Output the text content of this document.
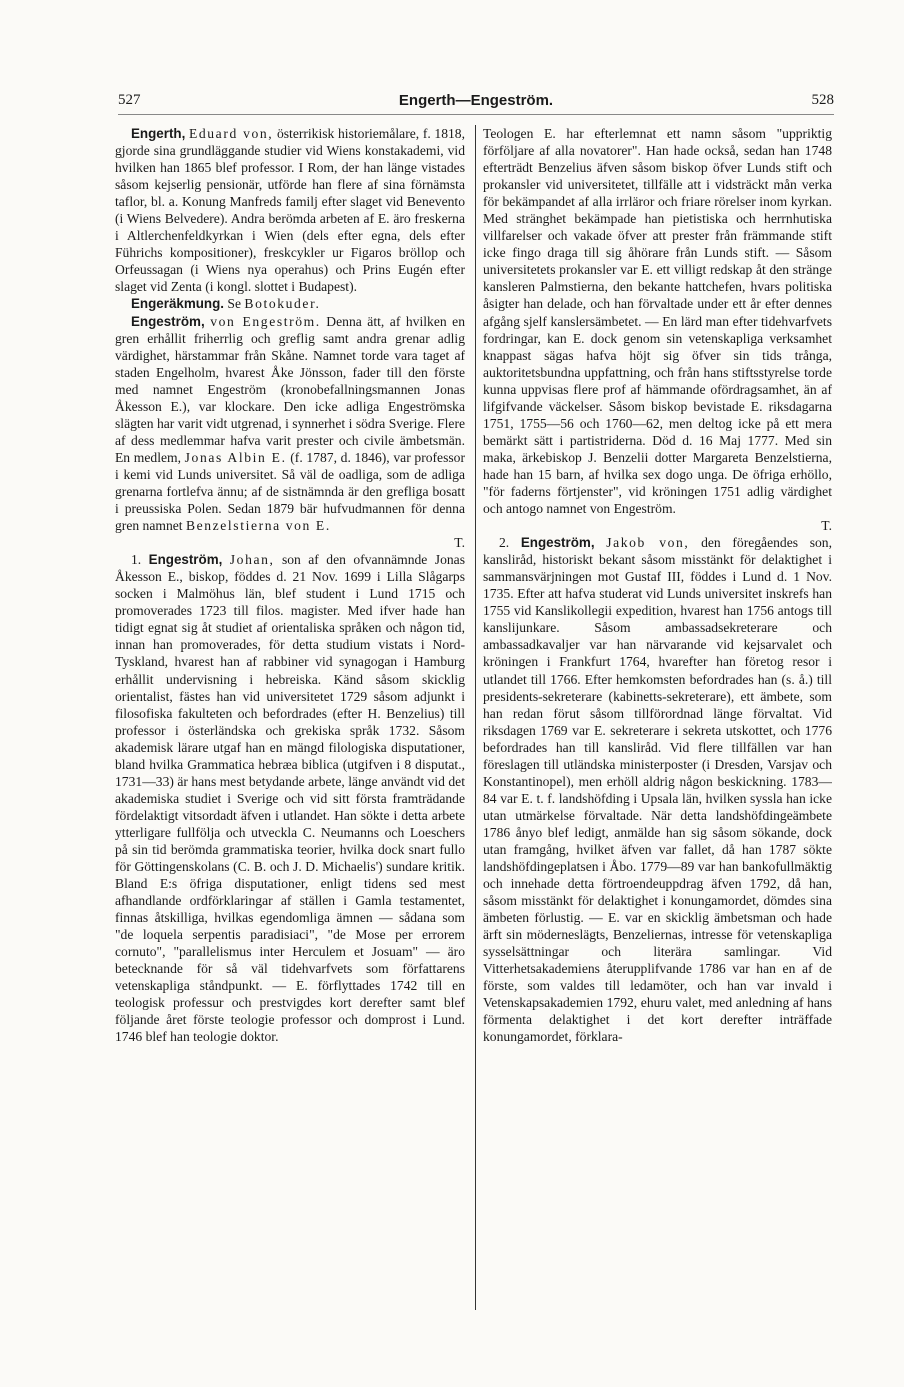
527	Engerth—Engeström.	528

Engerth, Eduard von, österrikisk historiemålare, f. 1818, gjorde sina grundläggande studier vid Wiens konstakademi, vid hvilken han 1865 blef professor. I Rom, der han länge vistades såsom kejserlig pensionär, utförde han flere af sina förnämsta taflor, bl. a. Konung Manfreds familj efter slaget vid Benevento (i Wiens Belvedere). Andra berömda arbeten af E. äro freskerna i Altlerchenfeldkyrkan i Wien (dels efter egna, dels efter Führichs kompositioner), freskcykler ur Figaros bröllop och Orfeussagan (i Wiens nya operahus) och Prins Eugén efter slaget vid Zenta (i kongl. slottet i Budapest).

Engeräkmung. Se Botokuder.

Engeström, von Engeström. Denna ätt, af hvilken en gren erhållit friherrlig och greflig samt andra grenar adlig värdighet, härstammar från Skåne. Namnet torde vara taget af staden Engelholm, hvarest Åke Jönsson, fader till den förste med namnet Engeström (kronobefallningsmannen Jonas Åkesson E.), var klockare. Den icke adliga Engeströmska slägten har varit vidt utgrenad, i synnerhet i södra Sverige. Flere af dess medlemmar hafva varit prester och civile ämbetsmän. En medlem, Jonas Albin E. (f. 1787, d. 1846), var professor i kemi vid Lunds universitet. Så väl de oadliga, som de adliga grenarna fortlefva ännu; af de sistnämnda är den grefliga bosatt i preussiska Polen. Sedan 1879 bär hufvudmannen för denna gren namnet Benzelstierna von E.
T.

1. Engeström, Johan, son af den ofvannämnde Jonas Åkesson E., biskop, föddes d. 21 Nov. 1699 i Lilla Slågarps socken i Malmöhus län, blef student i Lund 1715 och promoverades 1723 till filos. magister. Med ifver hade han tidigt egnat sig åt studiet af orientaliska språken och någon tid, innan han promoverades, för detta studium vistats i Nord-Tyskland, hvarest han af rabbiner vid synagogan i Hamburg erhållit undervisning i hebreiska. Känd såsom skicklig orientalist, fästes han vid universitetet 1729 såsom adjunkt i filosofiska fakulteten och befordrades (efter H. Benzelius) till professor i österländska och grekiska språk 1732. Såsom akademisk lärare utgaf han en mängd filologiska disputationer, bland hvilka Grammatica hebræa biblica (utgifven i 8 disputat., 1731—33) är hans mest betydande arbete, länge användt vid det akademiska studiet i Sverige och vid sitt första framträdande fördelaktigt vitsordadt äfven i utlandet. Han sökte i detta arbete ytterligare fullfölja och utveckla C. Neumanns och Loeschers på sin tid berömda grammatiska teorier, hvilka dock snart fullo för Göttingenskolans (C. B. och J. D. Michaelis') sundare kritik. Bland E:s öfriga disputationer, enligt tidens sed mest afhandlande ordförklaringar af ställen i Gamla testamentet, finnas åtskilliga, hvilkas egendomliga ämnen — sådana som "de loquela serpentis paradisiaci", "de Mose per errorem cornuto", "parallelismus inter Herculem et Josuam" — äro betecknande för så väl tidehvarfvets som författarens vetenskapliga ståndpunkt. — E. förflyttades 1742 till en teologisk professur och prestvigdes kort derefter samt blef följande året förste teologie professor och domprost i Lund. 1746 blef han teologie doktor.

Teologen E. har efterlemnat ett namn såsom "uppriktig förföljare af alla novatorer". Han hade också, sedan han 1748 efterträdt Benzelius äfven såsom biskop öfver Lunds stift och prokansler vid universitetet, tillfälle att i vidsträckt mån verka för bekämpandet af alla irrläror och friare rörelser inom kyrkan. Med stränghet bekämpade han pietistiska och herrnhutiska villfarelser och vakade öfver att prester från främmande stift icke fingo draga till sig åhörare från Lunds stift. — Såsom universitetets prokansler var E. ett villigt redskap åt den stränge kansleren Palmstierna, den bekante hattchefen, hvars politiska åsigter han delade, och han förvaltade under ett år efter dennes afgång sjelf kanslersämbetet. — En lärd man efter tidehvarfvets fordringar, kan E. dock genom sin vetenskapliga verksamhet knappast sägas hafva höjt sig öfver sin tids trånga, auktoritetsbundna uppfattning, och från hans stiftsstyrelse torde kunna uppvisas flere prof af hämmande ofördragsamhet, än af lifgifvande väckelser. Såsom biskop bevistade E. riksdagarna 1751, 1755—56 och 1760—62, men deltog icke på ett mera bemärkt sätt i partistriderna. Död d. 16 Maj 1777. Med sin maka, ärkebiskop J. Benzelii dotter Margareta Benzelstierna, hade han 15 barn, af hvilka sex dogo unga. De öfriga erhöllo, "för faderns förtjenster", vid kröningen 1751 adlig värdighet och antogo namnet von Engeström.
T.

2. Engeström, Jakob von, den föregåendes son, kansliråd, historiskt bekant såsom misstänkt för delaktighet i sammansvärjningen mot Gustaf III, föddes i Lund d. 1 Nov. 1735. Efter att hafva studerat vid Lunds universitet inskrefs han 1755 vid Kanslikollegii expedition, hvarest han 1756 antogs till kanslijunkare. Såsom ambassadsekreterare och ambassadkavaljer var han närvarande vid kejsarvalet och kröningen i Frankfurt 1764, hvarefter han företog resor i utlandet till 1766. Efter hemkomsten befordrades han (s. å.) till presidents-sekreterare (kabinetts-sekreterare), ett ämbete, som han redan förut såsom tillförordnad länge förvaltat. Vid riksdagen 1769 var E. sekreterare i sekreta utskottet, och 1776 befordrades han till kansliråd. Vid flere tillfällen var han föreslagen till utländska ministerposter (i Dresden, Varsjav och Konstantinopel), men erhöll aldrig någon beskickning. 1783—84 var E. t. f. landshöfding i Upsala län, hvilken syssla han icke utan utmärkelse förvaltade. När detta landshöfdingeämbete 1786 ånyo blef ledigt, anmälde han sig såsom sökande, dock utan framgång, hvilket äfven var fallet, då han 1787 sökte landshöfdingeplatsen i Åbo. 1779—89 var han bankofullmäktig och innehade detta förtroendeuppdrag äfven 1792, då han, såsom misstänkt för delaktighet i konungamordet, dömdes sina ämbeten förlustig. — E. var en skicklig ämbetsman och hade ärft sin möderneslägts, Benzeliernas, intresse för vetenskapliga sysselsättningar och literära samlingar. Vid Vitterhetsakademiens återupplifvande 1786 var han en af de förste, som valdes till ledamöter, och han var invald i Vetenskapsakademien 1792, ehuru valet, med anledning af hans förmenta delaktighet i det kort derefter inträffade konungamordet, förklara-
